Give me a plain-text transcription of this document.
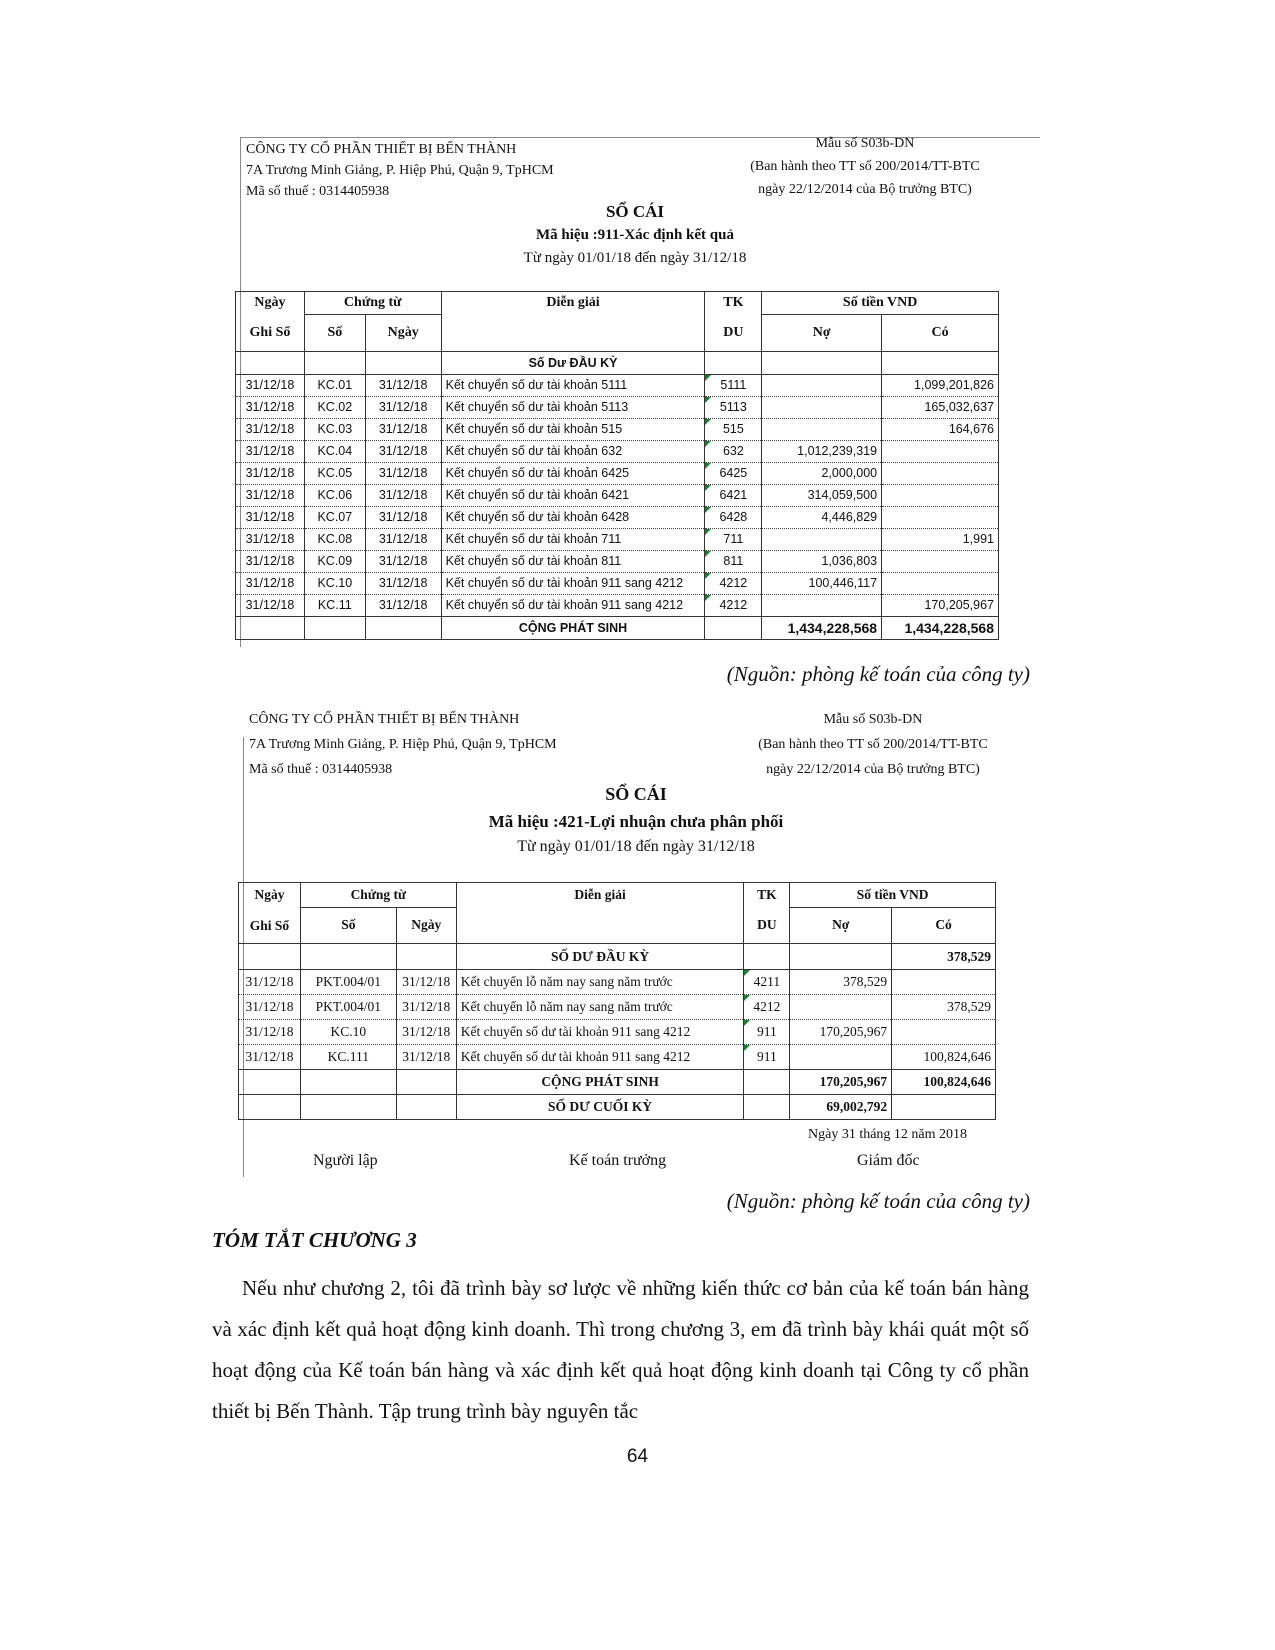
CÔNG TY CỔ PHẦN THIẾT BỊ BẾN THÀNH
7A Trương Minh Giảng, P. Hiệp Phú, Quận 9, TpHCM
Mã số thuế : 0314405938
Mẫu số S03b-DN
(Ban hành theo TT số 200/2014/TT-BTC
ngày 22/12/2014 của Bộ trưởng BTC)
SỔ CÁI
Mã hiệu :911-Xác định kết quả
Từ ngày 01/01/18 đến ngày 31/12/18
Ngày	Chứng từ		Diễn giải	TK	Số tiền VND	
Ghi Sổ	Số	Ngày		DU	Nợ	Có
			Số Dư ĐẦU KỲ			
31/12/18	KC.01	31/12/18	Kết chuyển số dư tài khoản 5111	5111		1,099,201,826
31/12/18	KC.02	31/12/18	Kết chuyển số dư tài khoản 5113	5113		165,032,637
31/12/18	KC.03	31/12/18	Kết chuyển số dư tài khoản 515	515		164,676
31/12/18	KC.04	31/12/18	Kết chuyển số dư tài khoản 632	632	1,012,239,319	
31/12/18	KC.05	31/12/18	Kết chuyển số dư tài khoản 6425	6425	2,000,000	
31/12/18	KC.06	31/12/18	Kết chuyển số dư tài khoản 6421	6421	314,059,500	
31/12/18	KC.07	31/12/18	Kết chuyển số dư tài khoản 6428	6428	4,446,829	
31/12/18	KC.08	31/12/18	Kết chuyển số dư tài khoản 711	711		1,991
31/12/18	KC.09	31/12/18	Kết chuyển số dư tài khoản 811	811	1,036,803	
31/12/18	KC.10	31/12/18	Kết chuyển số dư tài khoản 911 sang 4212	4212	100,446,117	
31/12/18	KC.11	31/12/18	Kết chuyển số dư tài khoản 911 sang 4212	4212		170,205,967
			CỘNG PHÁT SINH		1,434,228,568	1,434,228,568
(Nguồn: phòng kế toán của công ty)
CÔNG TY CỔ PHẦN THIẾT BỊ BẾN THÀNH
7A Trương Minh Giảng, P. Hiệp Phú, Quận 9, TpHCM
Mã số thuế : 0314405938
Mẫu số S03b-DN
(Ban hành theo TT số 200/2014/TT-BTC
ngày 22/12/2014 của Bộ trưởng BTC)
SỔ CÁI
Mã hiệu :421-Lợi nhuận chưa phân phối
Từ ngày 01/01/18 đến ngày 31/12/18
Ngày	Chứng từ		Diễn giải	TK	Số tiền VND	
Ghi Sổ	Số	Ngày		DU	Nợ	Có
			SỐ DƯ ĐẦU KỲ			378,529
31/12/18	PKT.004/01	31/12/18	Kết chuyển lỗ năm nay sang năm trước	4211	378,529	
31/12/18	PKT.004/01	31/12/18	Kết chuyển lỗ năm nay sang năm trước	4212		378,529
31/12/18	KC.10	31/12/18	Kết chuyển số dư tài khoản 911 sang 4212	911	170,205,967	
31/12/18	KC.111	31/12/18	Kết chuyển số dư tài khoản 911 sang 4212	911		100,824,646
			CỘNG PHÁT SINH		170,205,967	100,824,646
			SỐ DƯ CUỐI KỲ		69,002,792	
Ngày 31 tháng 12 năm 2018
Người lập	Kế toán trưởng	Giám đốc
(Nguồn: phòng kế toán của công ty)
TÓM TẮT CHƯƠNG 3
Nếu như chương 2, tôi đã trình bày sơ lược về những kiến thức cơ bản của kế toán bán hàng và xác định kết quả hoạt động kinh doanh. Thì trong chương 3, em đã trình bày khái quát một số hoạt động của Kế toán bán hàng và xác định kết quả hoạt động kinh doanh tại Công ty cổ phần thiết bị Bến Thành. Tập trung trình bày nguyên tắc
64
